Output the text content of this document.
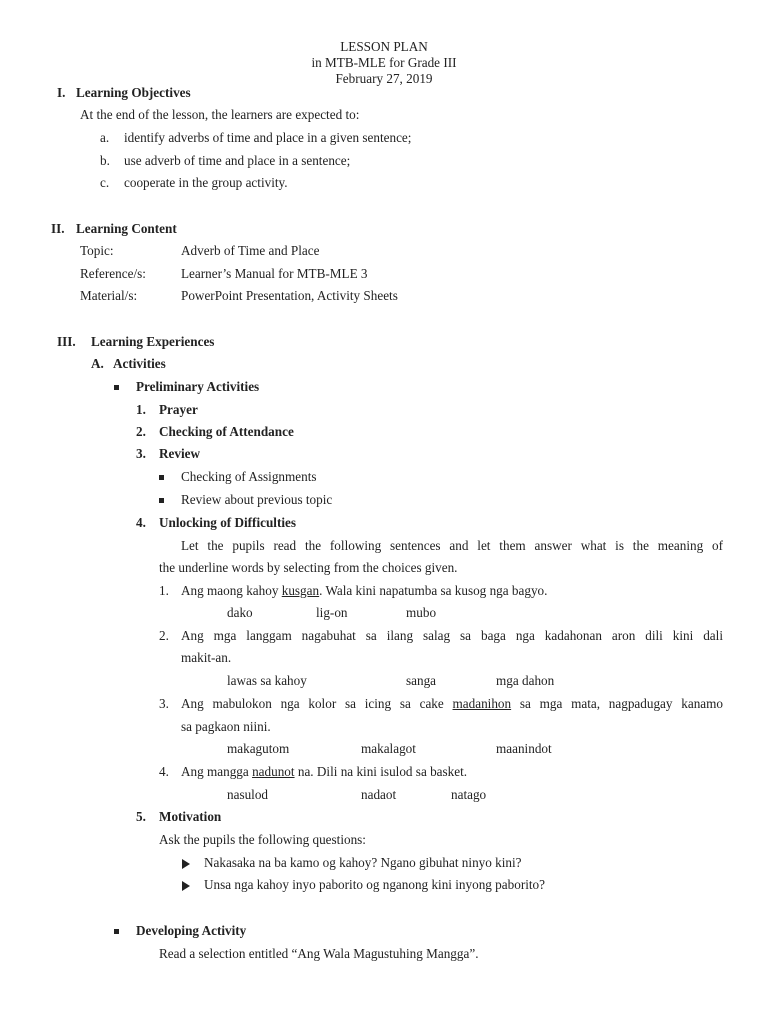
LESSON PLAN
in MTB-MLE for Grade III
February 27, 2019
I. Learning Objectives
At the end of the lesson, the learners are expected to:
a. identify adverbs of time and place in a given sentence;
b. use adverb of time and place in a sentence;
c. cooperate in the group activity.
II. Learning Content
Topic:	Adverb of Time and Place
Reference/s:	Learner’s Manual for MTB-MLE 3
Material/s:	PowerPoint Presentation, Activity Sheets
III. Learning Experiences
A. Activities
Preliminary Activities
1. Prayer
2. Checking of Attendance
3. Review
Checking of Assignments
Review about previous topic
4. Unlocking of Difficulties
Let the pupils read the following sentences and let them answer what is the meaning of
the underline words by selecting from the choices given.
1. Ang maong kahoy kusgan. Wala kini napatumba sa kusog nga bagyo.
dako	lig-on	mubo
2. Ang mga langgam nagabuhat sa ilang salag sa baga nga kadahonan aron dili kini dali
makit-an.
lawas sa kahoy	sanga	mga dahon
3. Ang mabulokon nga kolor sa icing sa cake madanihon sa mga mata, nagpadugay kanamo
sa pagkaon niini.
makagutom	makalagot	maanindot
4. Ang mangga nadunot na. Dili na kini isulod sa basket.
nasulod	nadaot	natago
5. Motivation
Ask the pupils the following questions:
Nakasaka na ba kamo og kahoy? Ngano gibuhat ninyo kini?
Unsa nga kahoy inyo paborito og nganong kini inyong paborito?
Developing Activity
Read a selection entitled “Ang Wala Magustuhing Mangga”.
